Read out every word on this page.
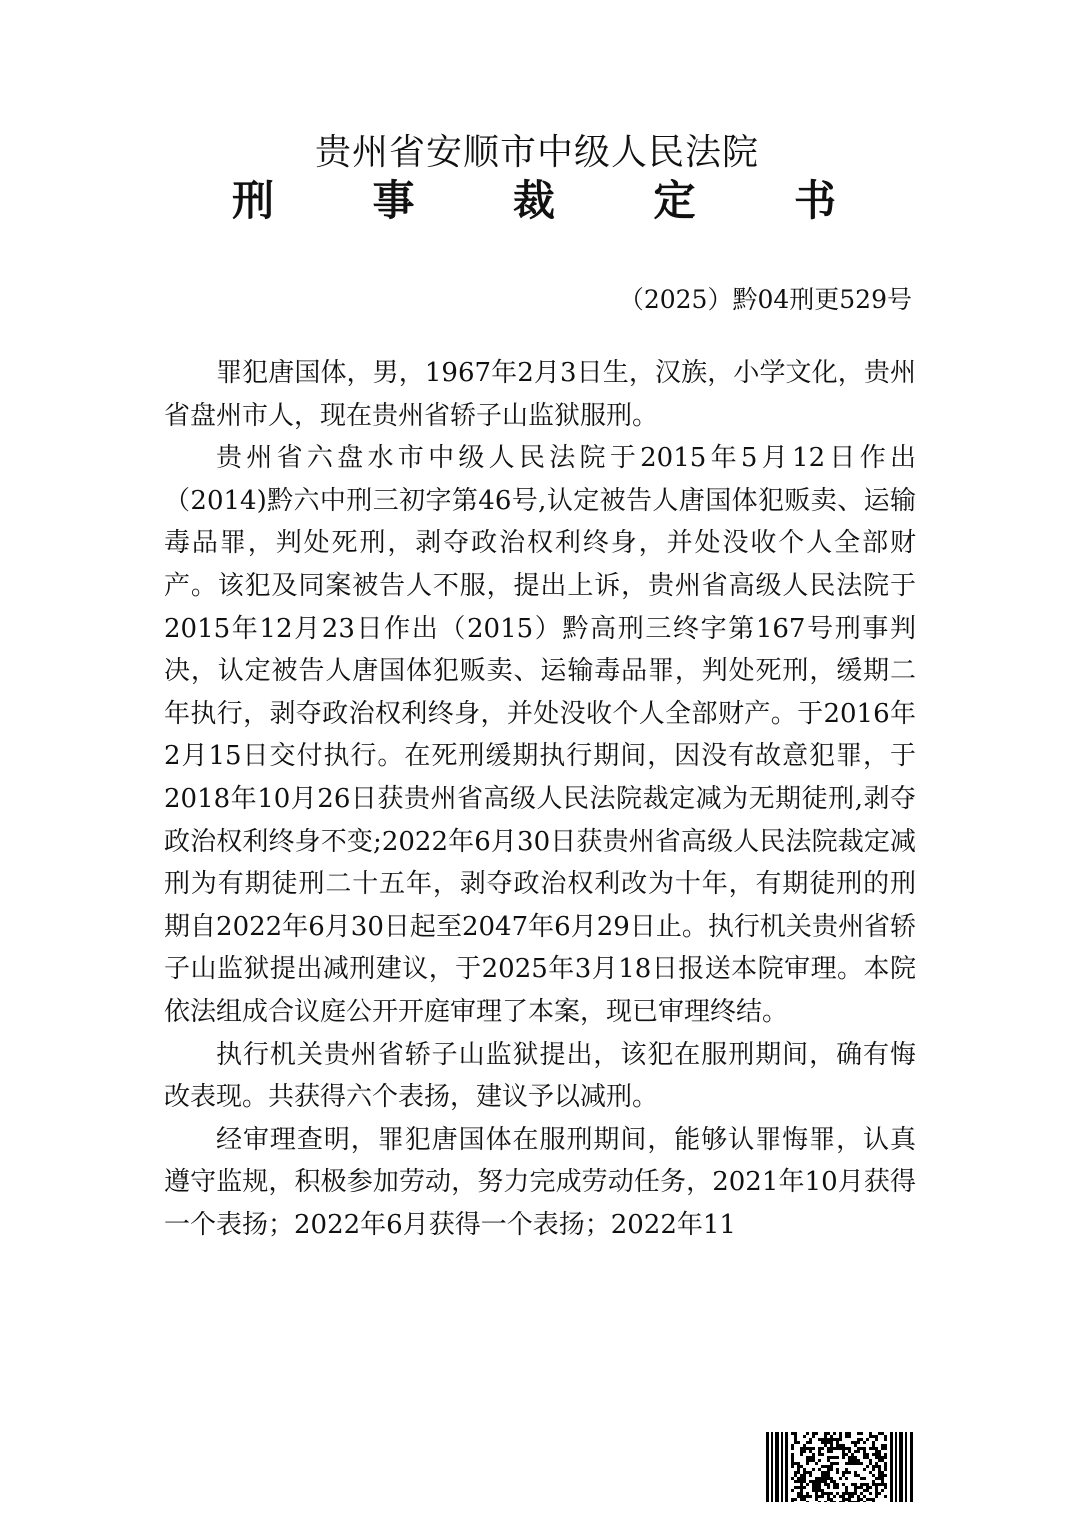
贵州省安顺市中级人民法院
刑 事 裁 定 书

（2025）黔04刑更529号

罪犯唐国体，男，1967年2月3日生，汉族，小学文化，贵州省盘州市人，现在贵州省轿子山监狱服刑。

贵州省六盘水市中级人民法院于2015年5月12日作出（2014)黔六中刑三初字第46号,认定被告人唐国体犯贩卖、运输毒品罪，判处死刑，剥夺政治权利终身，并处没收个人全部财产。该犯及同案被告人不服，提出上诉，贵州省高级人民法院于2015年12月23日作出（2015）黔高刑三终字第167号刑事判决，认定被告人唐国体犯贩卖、运输毒品罪，判处死刑，缓期二年执行，剥夺政治权利终身，并处没收个人全部财产。于2016年2月15日交付执行。在死刑缓期执行期间，因没有故意犯罪，于2018年10月26日获贵州省高级人民法院裁定减为无期徒刑,剥夺政治权利终身不变;2022年6月30日获贵州省高级人民法院裁定减刑为有期徒刑二十五年，剥夺政治权利改为十年，有期徒刑的刑期自2022年6月30日起至2047年6月29日止。执行机关贵州省轿子山监狱提出减刑建议，于2025年3月18日报送本院审理。本院依法组成合议庭公开开庭审理了本案，现已审理终结。

执行机关贵州省轿子山监狱提出，该犯在服刑期间，确有悔改表现。共获得六个表扬，建议予以减刑。

经审理查明，罪犯唐国体在服刑期间，能够认罪悔罪，认真遵守监规，积极参加劳动，努力完成劳动任务，2021年10月获得一个表扬；2022年6月获得一个表扬；2022年11
